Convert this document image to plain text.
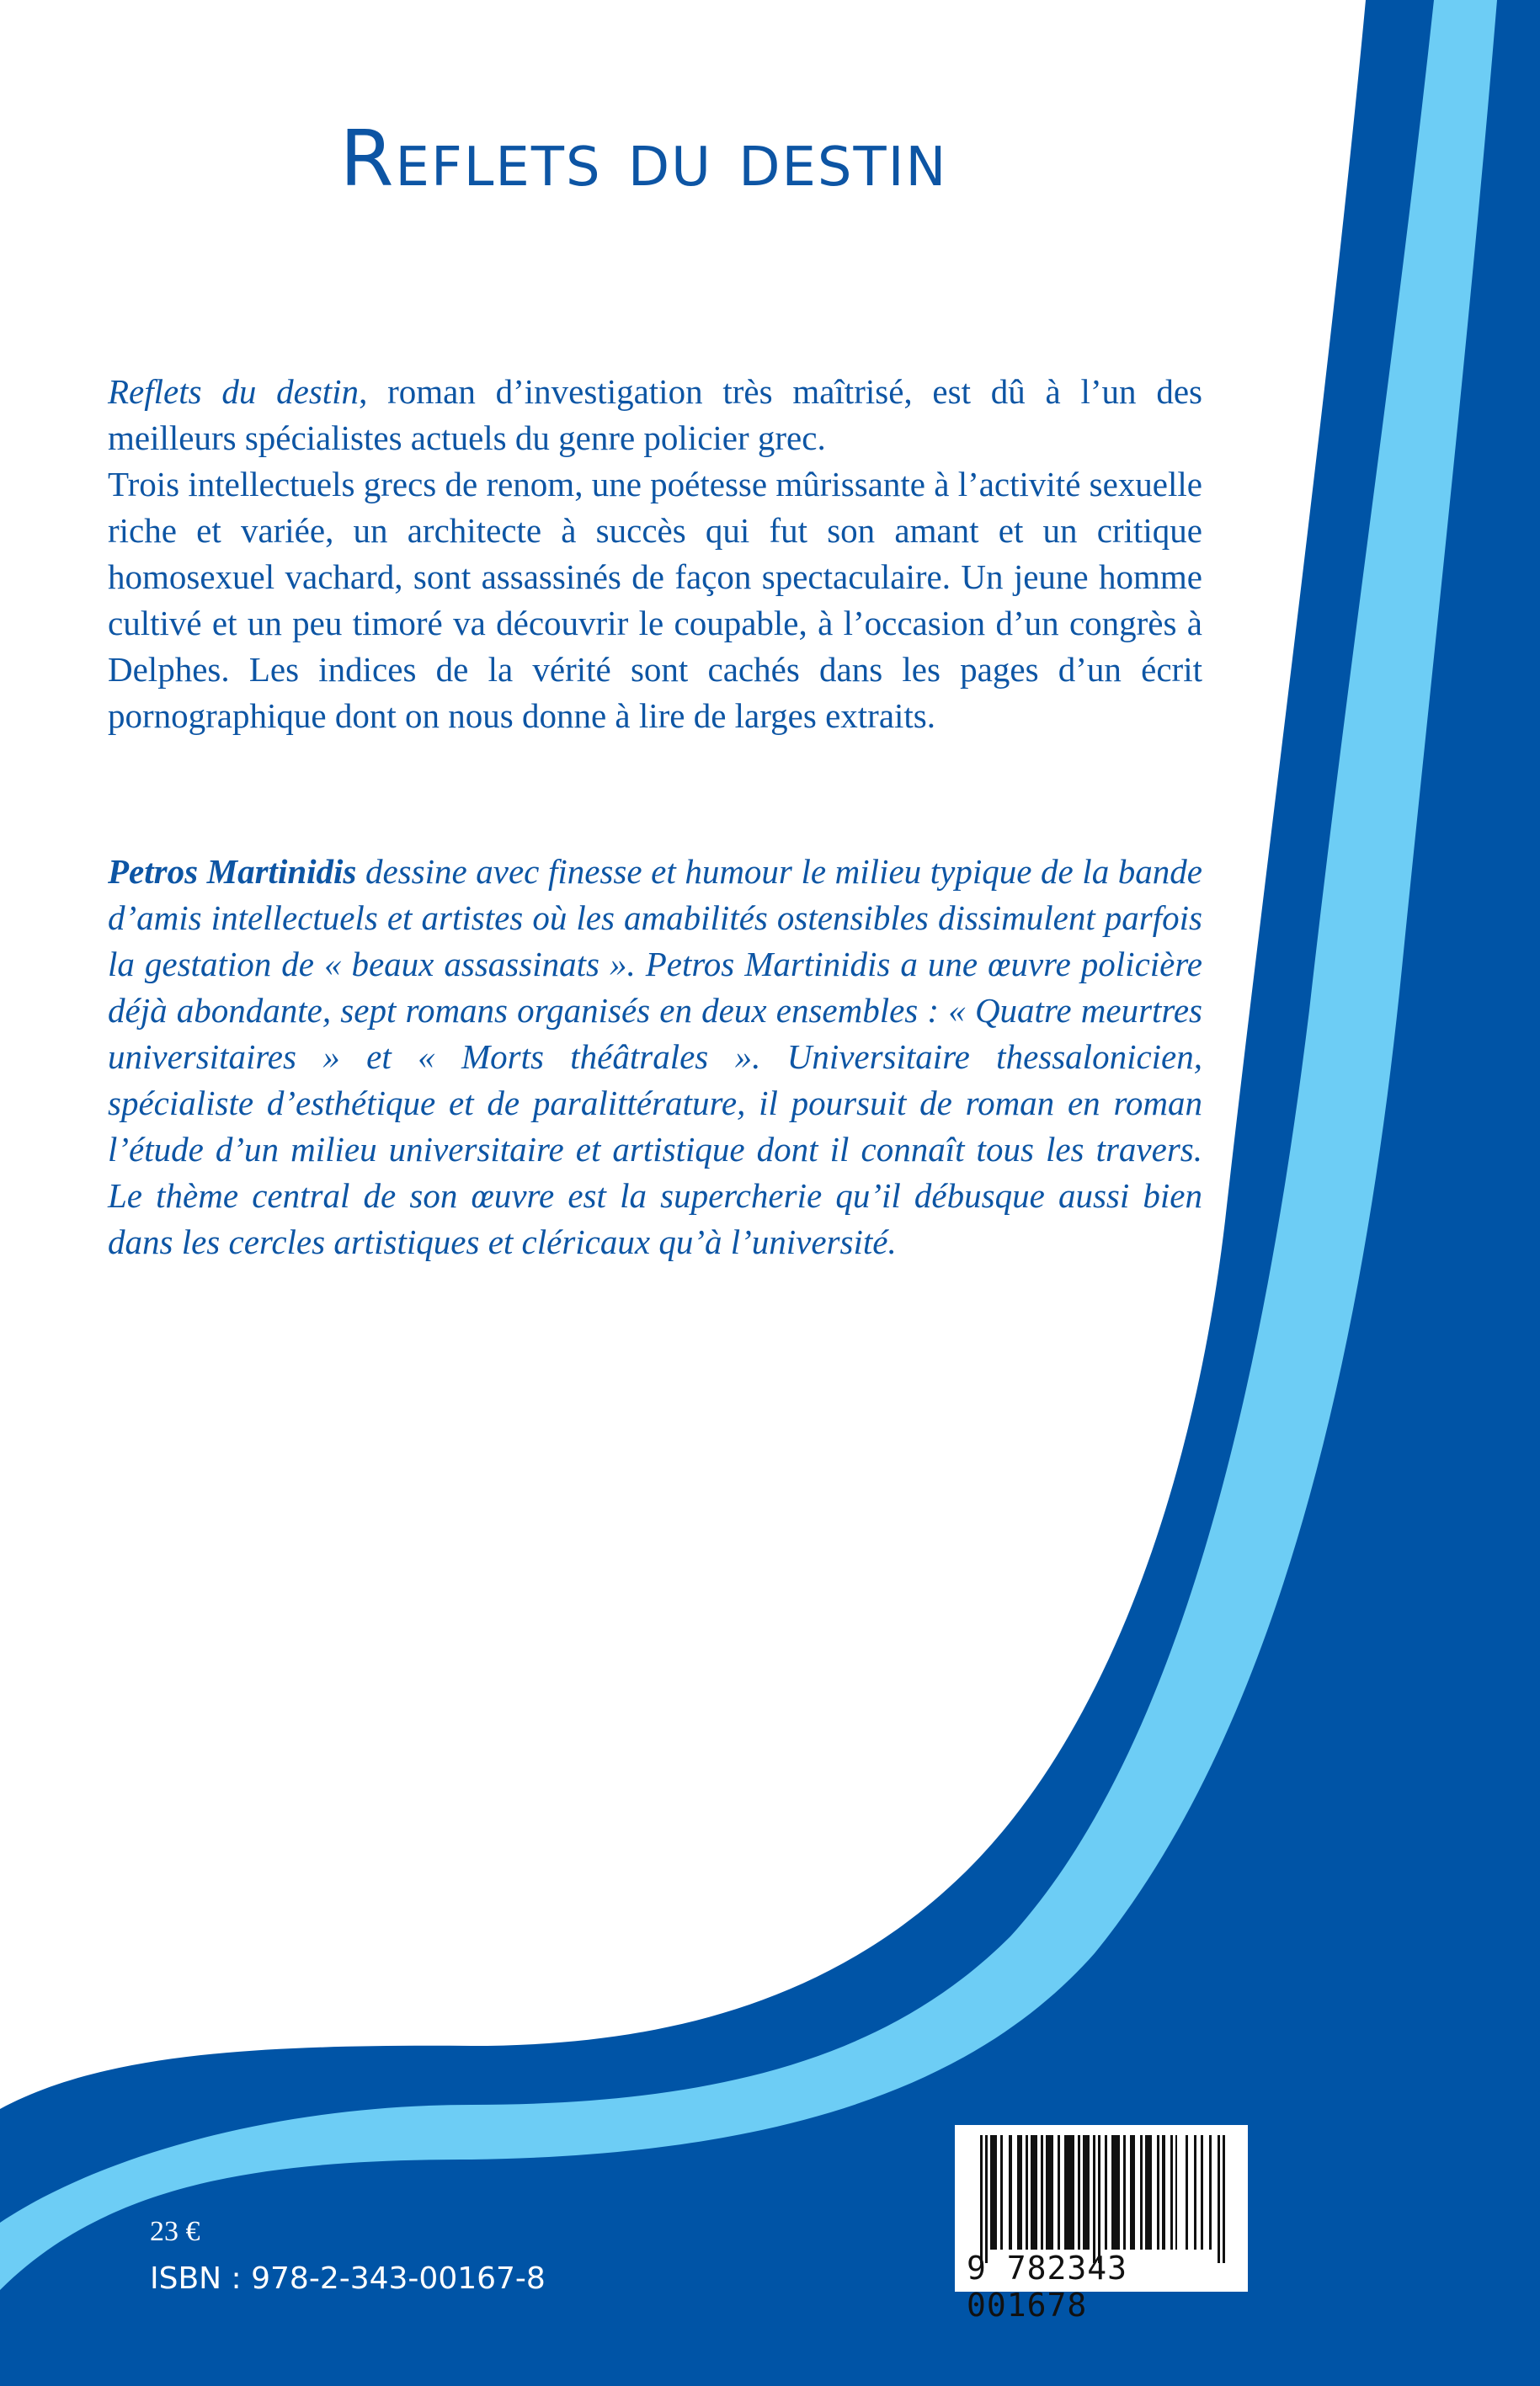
Reflets du destin
Reflets du destin, roman d’investigation très maîtrisé, est dû à l’un des meilleurs spécialistes actuels du genre policier grec.
Trois intellectuels grecs de renom, une poétesse mûrissante à l’activité sexuelle riche et variée, un architecte à succès qui fut son amant et un critique homosexuel vachard, sont assassinés de façon spectaculaire. Un jeune homme cultivé et un peu timoré va découvrir le coupable, à l’occasion d’un congrès à Delphes. Les indices de la vérité sont cachés dans les pages d’un écrit pornographique dont on nous donne à lire de larges extraits.
Petros Martinidis dessine avec finesse et humour le milieu typique de la bande d’amis intellectuels et artistes où les amabilités ostensibles dissimulent parfois la gestation de « beaux assassinats ». Petros Martinidis a une œuvre policière déjà abondante, sept romans organisés en deux ensembles : « Quatre meurtres universitaires » et « Morts théâtrales ». Universitaire thessalonicien, spécialiste d’esthétique et de paralittérature, il poursuit de roman en roman l’étude d’un milieu universitaire et artistique dont il connaît tous les travers. Le thème central de son œuvre est la supercherie qu’il débusque aussi bien dans les cercles artistiques et cléricaux qu’à l’université.
23 €
ISBN : 978-2-343-00167-8	9 782343 001678
